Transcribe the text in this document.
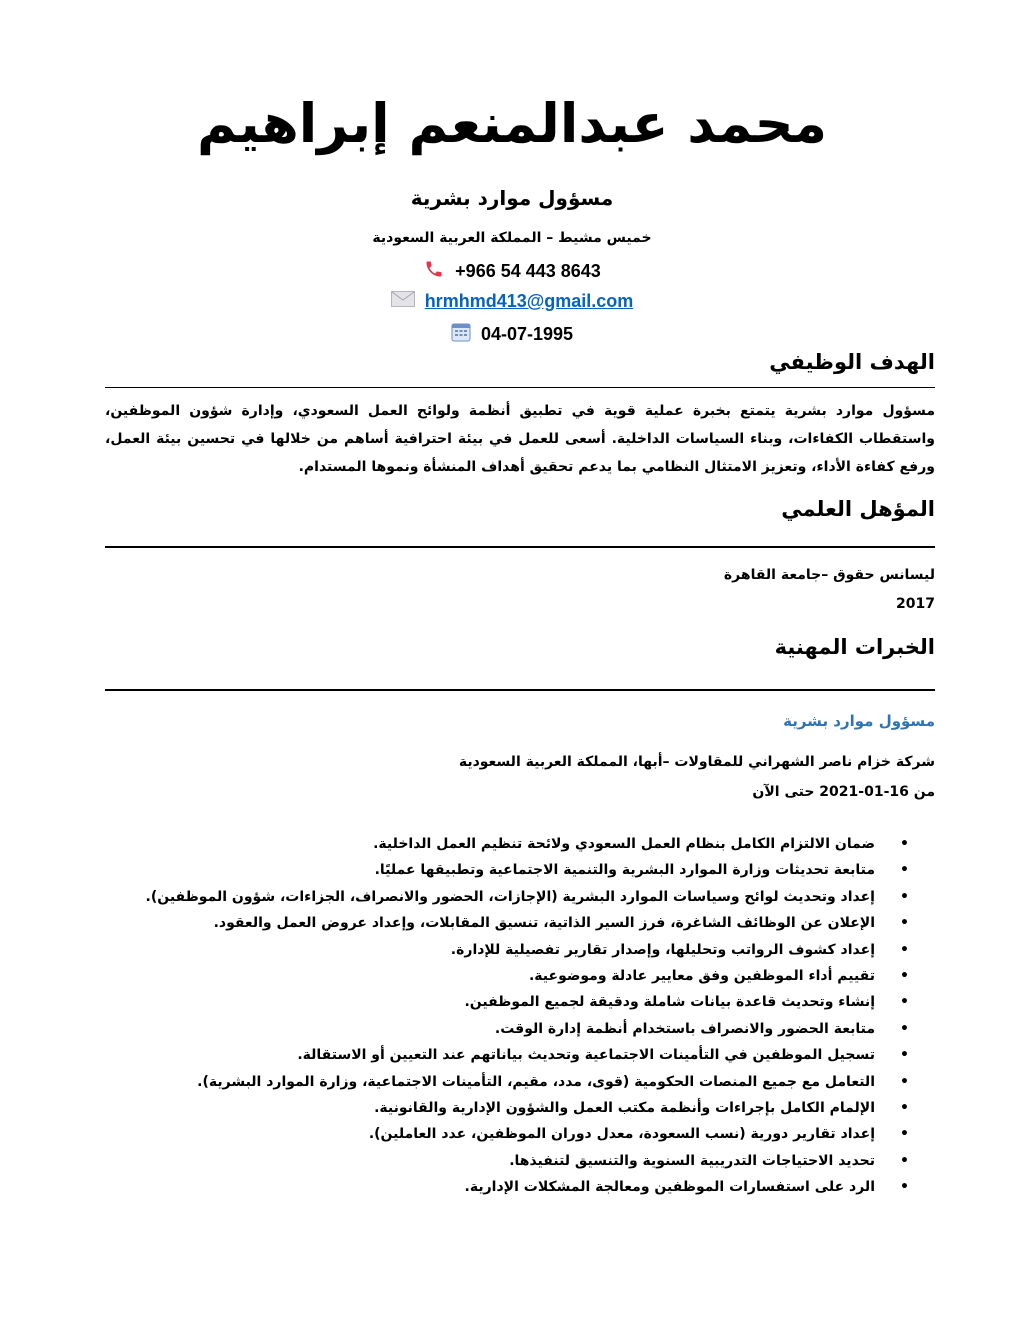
محمد عبدالمنعم إبراهيم
مسؤول موارد بشرية
خميس مشيط – المملكة العربية السعودية
+966 54 443 8643
hrmhmd413@gmail.com
04-07-1995
الهدف الوظيفي
مسؤول موارد بشرية يتمتع بخبرة عملية قوية في تطبيق أنظمة ولوائح العمل السعودي، وإدارة شؤون الموظفين، واستقطاب الكفاءات، وبناء السياسات الداخلية. أسعى للعمل في بيئة احترافية أساهم من خلالها في تحسين بيئة العمل، ورفع كفاءة الأداء، وتعزيز الامتثال النظامي بما يدعم تحقيق أهداف المنشأة ونموها المستدام.
المؤهل العلمي
ليسانس حقوق –جامعة القاهرة
2017
الخبرات المهنية
مسؤول موارد بشرية
شركة خزام ناصر الشهراني للمقاولات –أبها، المملكة العربية السعودية
من 16-01-2021 حتى الآن
• ضمان الالتزام الكامل بنظام العمل السعودي ولائحة تنظيم العمل الداخلية.
• متابعة تحديثات وزارة الموارد البشرية والتنمية الاجتماعية وتطبيقها عمليًا.
• إعداد وتحديث لوائح وسياسات الموارد البشرية (الإجازات، الحضور والانصراف، الجزاءات، شؤون الموظفين).
• الإعلان عن الوظائف الشاغرة، فرز السير الذاتية، تنسيق المقابلات، وإعداد عروض العمل والعقود.
• إعداد كشوف الرواتب وتحليلها، وإصدار تقارير تفصيلية للإدارة.
• تقييم أداء الموظفين وفق معايير عادلة وموضوعية.
• إنشاء وتحديث قاعدة بيانات شاملة ودقيقة لجميع الموظفين.
• متابعة الحضور والانصراف باستخدام أنظمة إدارة الوقت.
• تسجيل الموظفين في التأمينات الاجتماعية وتحديث بياناتهم عند التعيين أو الاستقالة.
• التعامل مع جميع المنصات الحكومية (قوى، مدد، مقيم، التأمينات الاجتماعية، وزارة الموارد البشرية).
• الإلمام الكامل بإجراءات وأنظمة مكتب العمل والشؤون الإدارية والقانونية.
• إعداد تقارير دورية (نسب السعودة، معدل دوران الموظفين، عدد العاملين).
• تحديد الاحتياجات التدريبية السنوية والتنسيق لتنفيذها.
• الرد على استفسارات الموظفين ومعالجة المشكلات الإدارية.
